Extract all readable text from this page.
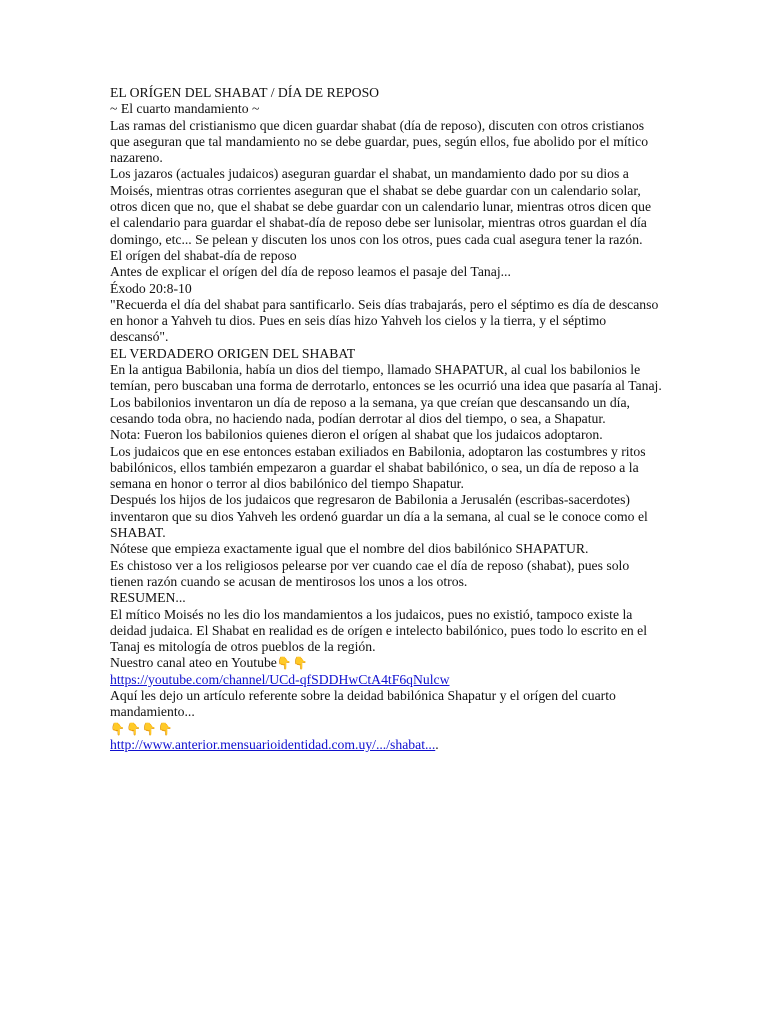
EL ORÍGEN DEL SHABAT / DÍA DE REPOSO

~ El cuarto mandamiento ~

Las ramas del cristianismo que dicen guardar shabat (día de reposo), discuten con otros cristianos que aseguran que tal mandamiento no se debe guardar, pues, según ellos, fue abolido por el mítico nazareno.

Los jazaros (actuales judaicos) aseguran guardar el shabat, un mandamiento dado por su dios a Moisés, mientras otras corrientes aseguran que el shabat se debe guardar con un calendario solar, otros dicen que no, que el shabat se debe guardar con un calendario lunar, mientras otros dicen que el calendario para guardar el shabat-día de reposo debe ser lunisolar, mientras otros guardan el día domingo, etc... Se pelean y discuten los unos con los otros, pues cada cual asegura tener la razón.

El orígen del shabat-día de reposo

Antes de explicar el orígen del día de reposo leamos el pasaje del Tanaj...

Éxodo 20:8-10

"Recuerda el día del shabat para santificarlo. Seis días trabajarás, pero el séptimo es día de descanso en honor a Yahveh tu dios. Pues en seis días hizo Yahveh los cielos y la tierra, y el séptimo descansó".

EL VERDADERO ORIGEN DEL SHABAT

En la antigua Babilonia, había un dios del tiempo, llamado SHAPATUR, al cual los babilonios le temían, pero buscaban una forma de derrotarlo, entonces se les ocurrió una idea que pasaría al Tanaj. Los babilonios inventaron un día de reposo a la semana, ya que creían que descansando un día, cesando toda obra, no haciendo nada, podían derrotar al dios del tiempo, o sea, a Shapatur.

Nota: Fueron los babilonios quienes dieron el orígen al shabat que los judaicos adoptaron.

Los judaicos que en ese entonces estaban exiliados en Babilonia, adoptaron las costumbres y ritos babilónicos, ellos también empezaron a guardar el shabat babilónico, o sea, un día de reposo a la semana en honor o terror al dios babilónico del tiempo Shapatur.

Después los hijos de los judaicos que regresaron de Babilonia a Jerusalén (escribas-sacerdotes) inventaron que su dios Yahveh les ordenó guardar un día a la semana, al cual se le conoce como el SHABAT.

Nótese que empieza exactamente igual que el nombre del dios babilónico SHAPATUR.

Es chistoso ver a los religiosos pelearse por ver cuando cae el día de reposo (shabat), pues solo tienen razón cuando se acusan de mentirosos los unos a los otros.

RESUMEN...

El mítico Moisés no les dio los mandamientos a los judaicos, pues no existió, tampoco existe la deidad judaica. El Shabat en realidad es de orígen e intelecto babilónico, pues todo lo escrito en el Tanaj es mitología de otros pueblos de la región.

Nuestro canal ateo en Youtube👇👇

https://youtube.com/channel/UCd-qfSDDHwCtA4tF6qNulcw

Aquí les dejo un artículo referente sobre la deidad babilónica Shapatur y el orígen del cuarto mandamiento...

👇👇👇👇

http://www.anterior.mensuarioidentidad.com.uy/.../shabat....
